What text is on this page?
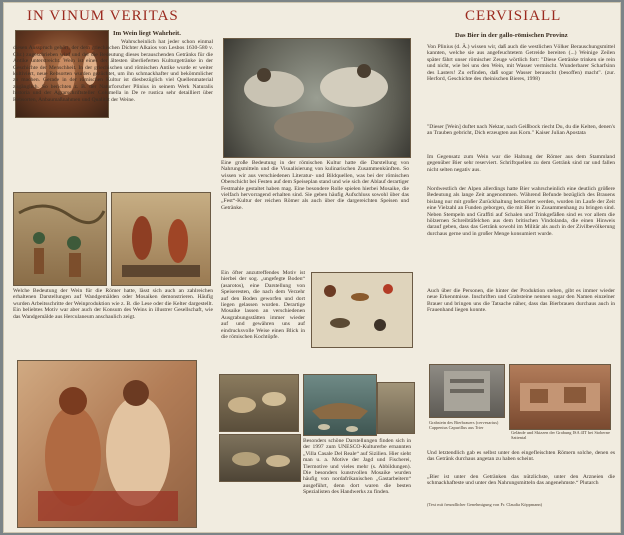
IN VINUM VERITAS
Im Wein liegt Wahrheit.
Wahrscheinlich hat jeder schon einmal diesen Ausspruch gehört, der dem griechischen Dichter Alkaios von Lesbos 1630-580 v. Chr.) zugeschrieben wird und der die Bedeutung dieses berauschenden Getränks für die Antike unterstreicht. Wein ist eines der ältesten überlieferten Kulturgetränke in der Geschichte der Menschheit. In der griechischen und römischen Antike wurde er weiter kultiviert, neue Rebsorten wurden gezüchtet, um ihn schmackhafter und bekömmlicher zu machen. Gerade in der römischen Kultur ist diesbezüglich viel Quellenmaterial zugänglich. So berichten z. B. der Naturforscher Plinius in seinem Werk Naturalis historia und der Agrarschriftsteller Columella in De re rustica sehr detailliert über Rebsorten, Anbaumaßnahmen und Qualität der Weine.
Welche Bedeutung der Wein für die Römer hatte, lässt sich auch an zahlreichen erhaltenen Darstellungen auf Wandgemälden oder Mosaiken demonstrieren. Häufig wurden Arbeitsschritte der Weinproduktion wie z. B. die Lese oder die Kelter dargestellt. Ein beliebtes Motiv war aber auch der Konsum des Weins in illustrer Gesellschaft, wie das Wandgemälde aus Herculaneum anschaulich zeigt.
Eine große Bedeutung in der römischen Kultur hatte die Darstellung von Nahrungsmitteln und die Visualisierung von kulinarischen Zusammenkünften. So wissen wir aus verschiedenen Literatur- und Bildquellen, was bei der römischen Oberschicht bei Festen auf dem Speiseplan stand und wie sich der Ablauf derartiger Festmahle gestaltet haben mag. Eine besondere Rolle spielen hierbei Mosaike, die vielfach hervorragend erhalten sind. Sie geben häufig Aufschluss sowohl über das „Fest“-Kultur der reichen Römer als auch über die dargereichten Speisen und Getränke.
Ein öfter anzutreffendes Motiv ist hierbei der sog. „ungefegte Boden“ (asarotos), eine Darstellung von Speiseresten, die nach dem Verzehr auf den Boden geworfen und dort liegen gelassen wurden. Derartige Mosaike lassen an verschiedenen Ausgrabungsstätten immer wieder auf und gewähren uns auf eindrucksvolle Weise einen Blick in die römischen Kochtöpfe.
Besonders schöne Darstellungen finden sich in der 1997 zum UNESCO-Kulturerbe ernannten „Villa Casale Del Reale“ auf Sizilien. Hier sieht man u. a. Motive der Jagd und Fischerei, Tiermotive und vieles mehr (s. Abbildungen). Die besonders kunstvollen Mosaike wurden häufig von nordafrikanischen „Gastarbeitern“ ausgeführt, denn dort waren die besten Spezialisten des Handwerks zu finden.
CERVISIALL
Das Bier in der gallo-römischen Provinz
Von Plinius (d. Ä.) wissen wir, daß auch die westlichen Völker Berauschungsmittel kannten, welche sie aus angefeuchtetem Getreide bereiten (...) Weinige Zeilen später fährt unser römischer Zeuge wörtlich fort: "Diese Getränke trinken sie rein und nicht, wie bei uns den Wein, mit Wasser vermischt. Wunderbarer Scharfsinn des Lasters! Zu erfinden, daß sogar Wasser berauscht (besoffen) macht". (zur. Herford, Geschichte des rheinischen Bieres, 1998)
"Dieser [Wein] duftet nach Nektar, nach Geißbock riecht Du, du die Kelten, denen's an Trauben gebricht, Dich erzeugten aus Korn." Kaiser Julian Apostata
Im Gegensatz zum Wein war die Haltung der Römer aus dem Stammland gegenüber Bier sehr reserviert. Schriftquellen zu dem Getränk sind rar und fallen nicht selten negativ aus.
Nordwestlich der Alpen allerdings hatte Bier wahrscheinlich eine deutlich größere Bedeutung als lange Zeit angenommen. Während Befunde bezüglich des Brauens bislang nur mit großer Zurückhaltung betrachtet werden, wurden im Laufe der Zeit eine Vielzahl an Funden geborgen, die mit Bier in Zusammenhang zu bringen sind. Neben Stempeln und Graffiti auf Schalen und Trinkgefäßen sind es vor allem die hölzernen Schreibtäfelchen aus dem britischen Vindolanda, die einen Hinweis darauf geben, dass das Getränk sowohl im Militär als auch in der Zivilbevölkerung durchaus gerne und in großer Menge konsumiert wurde.
Auch über die Personen, die hinter der Produktion stehen, gibt es immer wieder neue Erkenntnisse. Inschriften und Grabsteine nennen sogar den Namen einzelner Brauer und bringen uns die Tatsache näher, dass das Bierbrauen durchaus auch in Frauenhand liegen konnte.
Grabstein des Bierbrauers (cervesarius) Cappenius Capurillus aus Trier
Gelände und Skizzen der Grabung ISA 4IT bei Stoberne Sattental
Und letztendlich gab es selbst unter den eingefleischten Römern solche, denen es das Getränk durchaus angetan zu haben scheint.
„Bier ist unter den Getränken das nützlichste, unter den Arzneien die schmackhafteste und unter den Nahrungsmitteln das angenehmste.“ Plutarch
(Text mit freundlicher Genehmigung von Fr. Claudia Köppmann)
